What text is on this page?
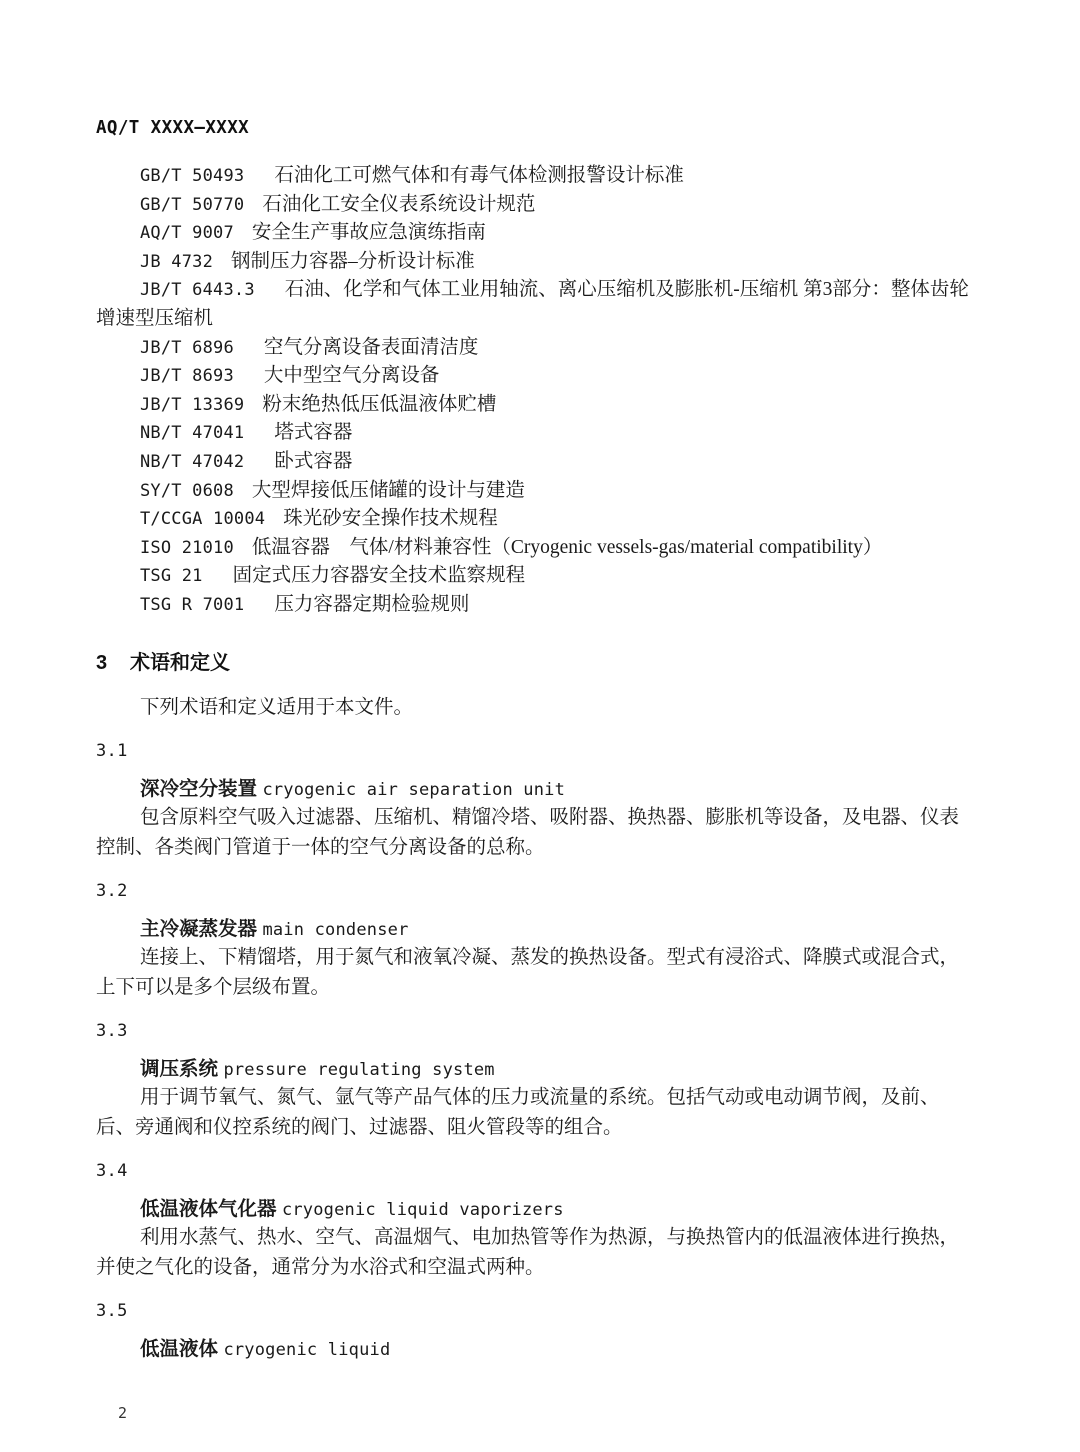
AQ/T XXXX—XXXX
GB/T 50493 石油化工可燃气体和有毒气体检测报警设计标准
GB/T 50770 石油化工安全仪表系统设计规范
AQ/T 9007 安全生产事故应急演练指南
JB 4732 钢制压力容器–分析设计标准
JB/T 6443.3 石油、化学和气体工业用轴流、离心压缩机及膨胀机-压缩机 第3部分：整体齿轮增速型压缩机
JB/T 6896 空气分离设备表面清洁度
JB/T 8693 大中型空气分离设备
JB/T 13369 粉末绝热低压低温液体贮槽
NB/T 47041 塔式容器
NB/T 47042 卧式容器
SY/T 0608 大型焊接低压储罐的设计与建造
T/CCGA 10004 珠光砂安全操作技术规程
ISO 21010 低温容器　气体/材料兼容性（Cryogenic vessels-gas/material compatibility）
TSG 21 固定式压力容器安全技术监察规程
TSG R 7001 压力容器定期检验规则
3 术语和定义

下列术语和定义适用于本文件。

3.1
深冷空分装置 cryogenic air separation unit

包含原料空气吸入过滤器、压缩机、精馏冷塔、吸附器、换热器、膨胀机等设备，及电器、仪表控制、各类阀门管道于一体的空气分离设备的总称。

3.2
主冷凝蒸发器 main condenser

连接上、下精馏塔，用于氮气和液氧冷凝、蒸发的换热设备。型式有浸浴式、降膜式或混合式，上下可以是多个层级布置。

3.3
调压系统 pressure regulating system

用于调节氧气、氮气、氩气等产品气体的压力或流量的系统。包括气动或电动调节阀，及前、后、旁通阀和仪控系统的阀门、过滤器、阻火管段等的组合。

3.4
低温液体气化器 cryogenic liquid vaporizers

利用水蒸气、热水、空气、高温烟气、电加热管等作为热源，与换热管内的低温液体进行换热，并使之气化的设备，通常分为水浴式和空温式两种。

3.5
低温液体 cryogenic liquid
2
